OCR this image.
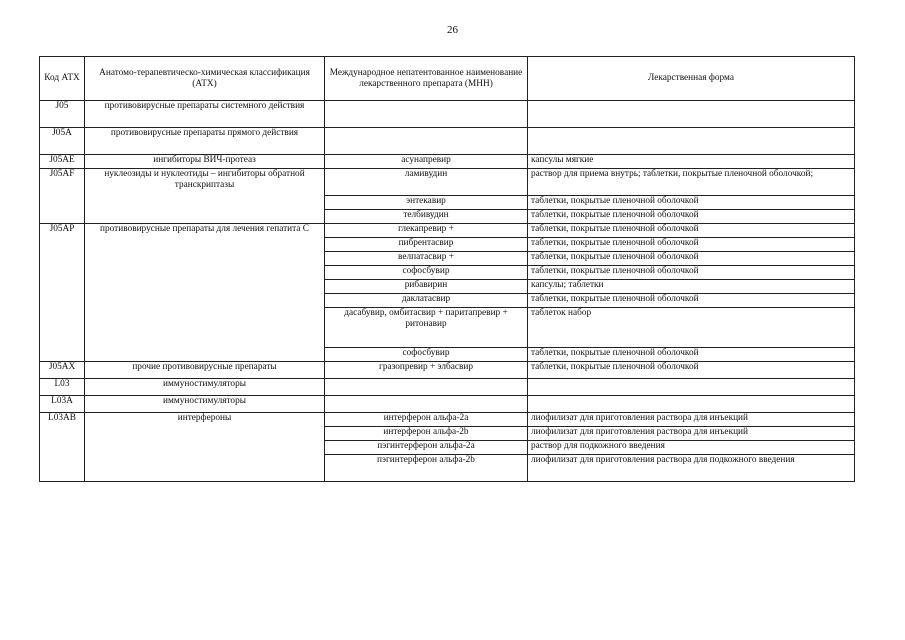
26
Код АТХ	Анатомо-терапевтическо-химическая классификация (АТХ)	Международное непатентованное наименование лекарственного препарата (МНН)	Лекарственная форма
J05	противовирусные препараты системного действия		
J05A	противовирусные препараты прямого действия		
J05AE	ингибиторы ВИЧ-протеаз	асунапревир	капсулы мягкие
J05AF	нуклеозиды и нуклеотиды – ингибиторы обратной транскриптазы	ламивудин	раствор для приема внутрь; таблетки, покрытые пленочной оболочкой;
		энтекавир	таблетки, покрытые пленочной оболочкой
		телбивудин	таблетки, покрытые пленочной оболочкой
J05AP	противовирусные препараты для лечения гепатита С	глекапревир +	таблетки, покрытые пленочной оболочкой
		пибрентасвир	таблетки, покрытые пленочной оболочкой
		велпатасвир +	таблетки, покрытые пленочной оболочкой
		софосбувир	таблетки, покрытые пленочной оболочкой
		рибавирин	капсулы; таблетки
		даклатасвир	таблетки, покрытые пленочной оболочкой
		дасабувир, омбитасвир + паритапревир + ритонавир	таблеток набор
		софосбувир	таблетки, покрытые пленочной оболочкой
J05AX	прочие противовирусные препараты	гразопревир + элбасвир	таблетки, покрытые пленочной оболочкой
L03	иммуностимуляторы		
L03A	иммуностимуляторы		
L03AB	интерфероны	интерферон альфа-2a	лиофилизат для приготовления раствора для инъекций
		интерферон альфа-2b	лиофилизат для приготовления раствора для инъекций
		пэгинтерферон альфа-2a	раствор для подкожного введения
		пэгинтерферон альфа-2b	лиофилизат для приготовления раствора для подкожного введения
